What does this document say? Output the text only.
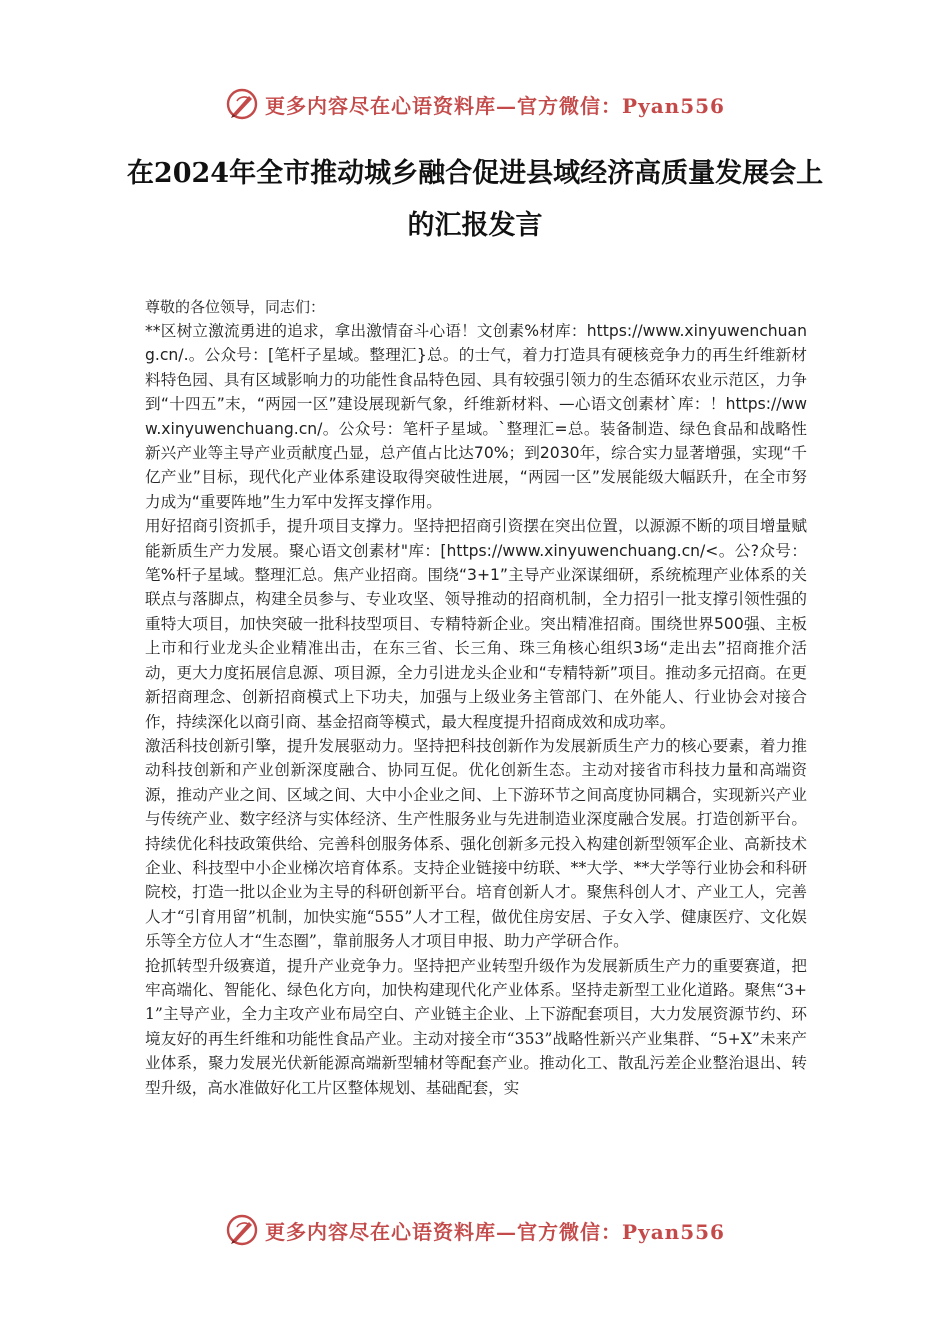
更多内容尽在心语资料库—官方微信：Pyan556
在2024年全市推动城乡融合促进县域经济高质量发展会上的汇报发言

尊敬的各位领导，同志们：

**区树立激流勇进的追求，拿出激情奋斗心语！文创素%材库：https://www.xinyuwenchuang.cn/.。公众号：[笔杆子星域。整理汇}总。的士气，着力打造具有硬核竞争力的再生纤维新材料特色园、具有区域影响力的功能性食品特色园、具有较强引领力的生态循环农业示范区，力争到“十四五”末，“两园一区”建设展现新气象，纤维新材料、—心语文创素材`库：！https://www.xinyuwenchuang.cn/。公众号：笔杆子星域。`整理汇=总。装备制造、绿色食品和战略性新兴产业等主导产业贡献度凸显，总产值占比达70%；到2030年，综合实力显著增强，实现“千亿产业”目标，现代化产业体系建设取得突破性进展，“两园一区”发展能级大幅跃升，在全市努力成为“重要阵地”生力军中发挥支撑作用。

用好招商引资抓手，提升项目支撑力。坚持把招商引资摆在突出位置，以源源不断的项目增量赋能新质生产力发展。聚心语文创素材"库：[https://www.xinyuwenchuang.cn/<。公?众号：笔%杆子星域。整理汇总。焦产业招商。围绕“3+1”主导产业深谋细研，系统梳理产业体系的关联点与落脚点，构建全员参与、专业攻坚、领导推动的招商机制，全力招引一批支撑引领性强的重特大项目，加快突破一批科技型项目、专精特新企业。突出精准招商。围绕世界500强、主板上市和行业龙头企业精准出击，在东三省、长三角、珠三角核心组织3场“走出去”招商推介活动，更大力度拓展信息源、项目源，全力引进龙头企业和“专精特新”项目。推动多元招商。在更新招商理念、创新招商模式上下功夫，加强与上级业务主管部门、在外能人、行业协会对接合作，持续深化以商引商、基金招商等模式，最大程度提升招商成效和成功率。

激活科技创新引擎，提升发展驱动力。坚持把科技创新作为发展新质生产力的核心要素，着力推动科技创新和产业创新深度融合、协同互促。优化创新生态。主动对接省市科技力量和高端资源，推动产业之间、区域之间、大中小企业之间、上下游环节之间高度协同耦合，实现新兴产业与传统产业、数字经济与实体经济、生产性服务业与先进制造业深度融合发展。打造创新平台。持续优化科技政策供给、完善科创服务体系、强化创新多元投入构建创新型领军企业、高新技术企业、科技型中小企业梯次培育体系。支持企业链接中纺联、**大学、**大学等行业协会和科研院校，打造一批以企业为主导的科研创新平台。培育创新人才。聚焦科创人才、产业工人，完善人才“引育用留”机制，加快实施“555”人才工程，做优住房安居、子女入学、健康医疗、文化娱乐等全方位人才“生态圈”，靠前服务人才项目申报、助力产学研合作。

抢抓转型升级赛道，提升产业竞争力。坚持把产业转型升级作为发展新质生产力的重要赛道，把牢高端化、智能化、绿色化方向，加快构建现代化产业体系。坚持走新型工业化道路。聚焦“3+1”主导产业，全力主攻产业布局空白、产业链主企业、上下游配套项目，大力发展资源节约、环境友好的再生纤维和功能性食品产业。主动对接全市“353”战略性新兴产业集群、“5+X”未来产业体系，聚力发展光伏新能源高端新型辅材等配套产业。推动化工、散乱污差企业整治退出、转型升级，高水准做好化工片区整体规划、基础配套，实

更多内容尽在心语资料库—官方微信：Pyan556
